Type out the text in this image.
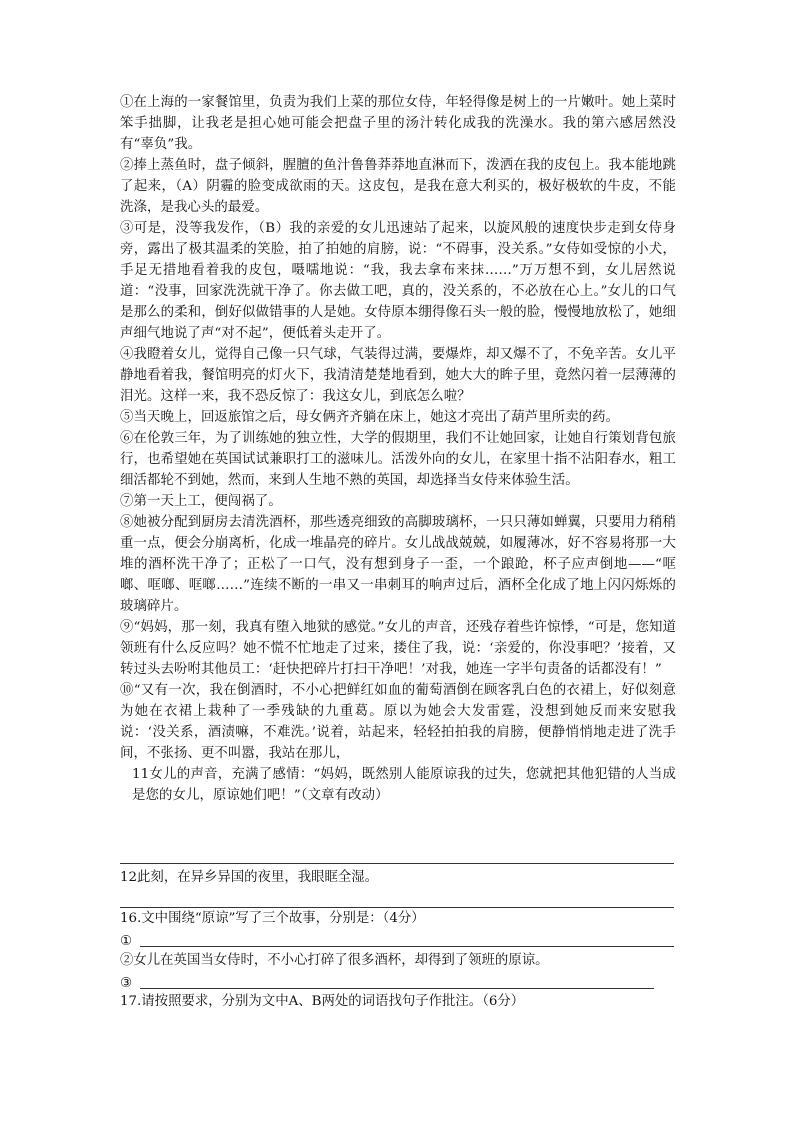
①在上海的一家餐馆里，负责为我们上菜的那位女侍，年轻得像是树上的一片嫩叶。她上菜时笨手拙脚，让我老是担心她可能会把盘子里的汤汁转化成我的洗澡水。我的第六感居然没有“辜负”我。

②捧上蒸鱼时，盘子倾斜，腥膻的鱼汁鲁鲁莽莽地直淋而下，泼洒在我的皮包上。我本能地跳了起来，（A）阴霾的脸变成欲雨的天。这皮包，是我在意大利买的，极好极软的牛皮，不能洗涤，是我心头的最爱。

③可是，没等我发作，（B）我的亲爱的女儿迅速站了起来，以旋风般的速度快步走到女侍身旁，露出了极其温柔的笑脸，拍了拍她的肩膀，说：“不碍事，没关系。”女侍如受惊的小犬，手足无措地看着我的皮包，嗫嚅地说：“我，我去拿布来抹……”万万想不到，女儿居然说道：“没事，回家洗洗就干净了。你去做工吧，真的，没关系的，不必放在心上。”女儿的口气是那么的柔和，倒好似做错事的人是她。女侍原本绷得像石头一般的脸，慢慢地放松了，她细声细气地说了声“对不起”，便低着头走开了。

④我瞪着女儿，觉得自己像一只气球，气装得过满，要爆炸，却又爆不了，不免辛苦。女儿平静地看着我，餐馆明亮的灯火下，我清清楚楚地看到，她大大的眸子里，竟然闪着一层薄薄的泪光。这样一来，我不恐反惊了：我这女儿，到底怎么啦？

⑤当天晚上，回返旅馆之后，母女俩齐齐躺在床上，她这才亮出了葫芦里所卖的药。

⑥在伦敦三年，为了训练她的独立性，大学的假期里，我们不让她回家，让她自行策划背包旅行，也希望她在英国试试兼职打工的滋味儿。活泼外向的女儿，在家里十指不沾阳春水，粗工细活都轮不到她，然而，来到人生地不熟的英国，却选择当女侍来体验生活。

⑦第一天上工，便闯祸了。

⑧她被分配到厨房去清洗酒杯，那些透亮细致的高脚玻璃杯，一只只薄如蝉翼，只要用力稍稍重一点，便会分崩离析，化成一堆晶亮的碎片。女儿战战兢兢，如履薄冰，好不容易将那一大堆的酒杯洗干净了；正松了一口气，没有想到身子一歪，一个踉跄，杯子应声倒地——“哐啷、哐啷、哐啷……”连续不断的一串又一串刺耳的响声过后，酒杯全化成了地上闪闪烁烁的玻璃碎片。

⑨“妈妈，那一刻，我真有堕入地狱的感觉。”女儿的声音，还残存着些许惊悸，“可是，您知道领班有什么反应吗？她不慌不忙地走了过来，搂住了我，说：‘亲爱的，你没事吧？’接着，又转过头去吩咐其他员工：‘赶快把碎片打扫干净吧！’对我，她连一字半句责备的话都没有！”

⑩“又有一次，我在倒酒时，不小心把鲜红如血的葡萄酒倒在顾客乳白色的衣裙上，好似刻意为她在衣裙上栽种了一季残缺的九重葛。原以为她会大发雷霆，没想到她反而来安慰我说：‘没关系，酒渍嘛，不难洗。’说着，站起来，轻轻拍拍我的肩膀，便静悄悄地走进了洗手间，不张扬、更不叫嚣，我站在那儿，

11女儿的声音，充满了感情：“妈妈，既然别人能原谅我的过失，您就把其他犯错的人当成是您的女儿，原谅她们吧！”（文章有改动）

12此刻，在异乡异国的夜里，我眼眶全湿。

16.文中围绕“原谅”写了三个故事，分别是：（4分）

①

②女儿在英国当女侍时，不小心打碎了很多酒杯，却得到了领班的原谅。

③

17.请按照要求，分别为文中A、B两处的词语找句子作批注。（6分）
